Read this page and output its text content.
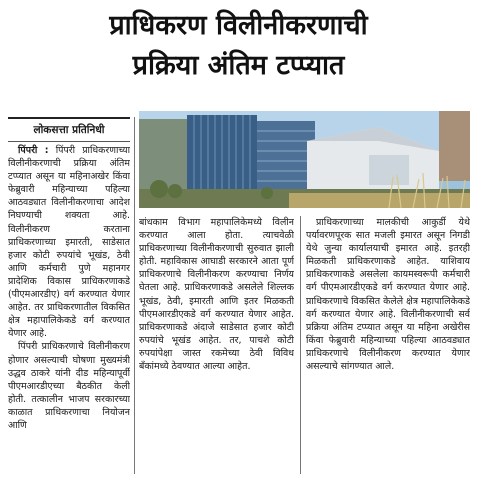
प्राधिकरण विलीनीकरणाची
प्रक्रिया अंतिम टप्प्यात
लोकसत्ता प्रतिनिधी

पिंपरी : पिंपरी प्राधिकरणाच्या विलीनीकरणाची प्रक्रिया अंतिम टप्प्यात असून या महिनाअखेर किंवा फेब्रुवारी महिन्याच्या पहिल्या आठवड्यात विलीनीकरणाचा आदेश निघण्याची शक्यता आहे. विलीनीकरण करताना प्राधिकरणाच्या इमारती, साडेसात हजार कोटी रुपयांचे भूखंड, ठेवी आणि कर्मचारी पुणे महानगर प्रादेशिक विकास प्राधिकरणाकडे (पीएमआरडीए) वर्ग करण्यात येणार आहेत. तर प्राधिकरणातील विकसित क्षेत्र महापालिकेकडे वर्ग करण्यात येणार आहे.

पिंपरी प्राधिकरणाचे विलीनीकरण होणार असल्याची घोषणा मुख्यमंत्री उद्धव ठाकरे यांनी दीड महिन्यापूर्वी पीएमआरडीएच्या बैठकीत केली होती. तत्कालीन भाजप सरकारच्या काळात प्राधिकरणाचा नियोजन आणि

बांधकाम विभाग महापालिकेमध्ये विलीन करण्यात आला होता. त्याचवेळी प्राधिकरणाच्या विलीनीकरणाची सुरुवात झाली होती. महाविकास आघाडी सरकारने आता पूर्ण प्राधिकरणाचे विलीनीकरण करण्याचा निर्णय घेतला आहे. प्राधिकरणाकडे असलेले शिल्लक भूखंड, ठेवी, इमारती आणि इतर मिळकती पीएमआरडीएकडे वर्ग करण्यात येणार आहेत. प्राधिकरणाकडे अंदाजे साडेसात हजार कोटी रुपयांचे भूखंड आहेत. तर, पाचशे कोटी रुपयांपेक्षा जास्त रकमेच्या ठेवी विविध बँकांमध्ये ठेवण्यात आल्या आहेत.

प्राधिकरणाच्या मालकीची आकुर्डी येथे पर्यावरणपूरक सात मजली इमारत असून निगडी येथे जुन्या कार्यालयाची इमारत आहे. इतरही मिळकती प्राधिकरणाकडे आहेत. याशिवाय प्राधिकरणाकडे असलेला कायमस्वरूपी कर्मचारी वर्ग पीएमआरडीएकडे वर्ग करण्यात येणार आहे. प्राधिकरणाचे विकसित केलेले क्षेत्र महापालिकेकडे वर्ग करण्यात येणार आहे. विलीनीकरणाची सर्व प्रक्रिया अंतिम टप्प्यात असून या महिना अखेरीस किंवा फेब्रुवारी महिन्याच्या पहिल्या आठवड्यात प्राधिकरणाचे विलीनीकरण करण्यात येणार असल्याचे सांगण्यात आले.
